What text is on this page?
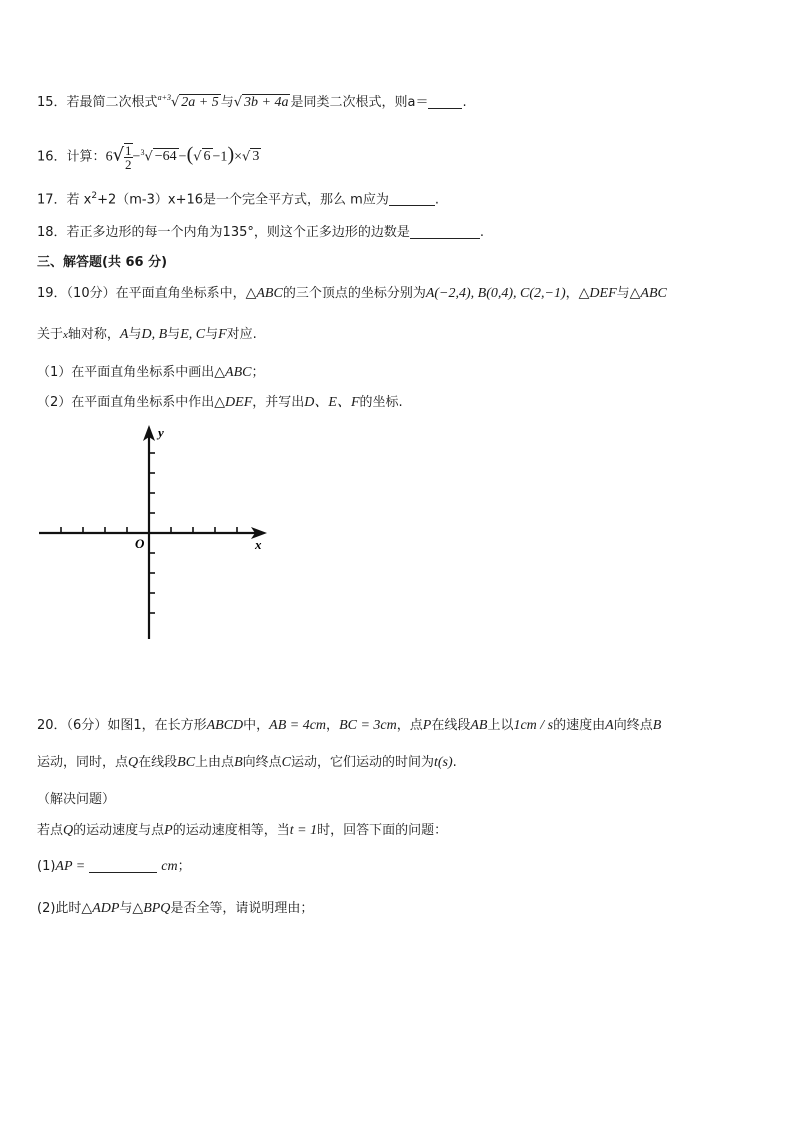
15．若最简二次根式$^{a+3}$√ 2a + 5 与√ 3b + 4a 是同类二次根式，则a＝	.
16．计算：$6√ \frac{1}{2} -^3√ -64$ −(√ 6 −1)×√ 3
17．若 $x^2+2(m-3)x+16$是一个完全平方式，那么 m应为	.
18．若正多边形的每一个内角为135°，则这个正多边形的边数是	.
三、解答题(共 66 分)
19．（10分）在平面直角坐标系中，△ABC的三个顶点的坐标分别为A(−2,4), B(0,4), C(2,−1)，△DEF与△ABC
关于x轴对称，A与D, B与E, C与F对应.
（1）在平面直角坐标系中画出△ABC；
（2）在平面直角坐标系中作出△DEF，并写出D、E、F的坐标.
x
y
O
20．（6分）如图1，在长方形ABCD中，AB = 4cm，BC = 3cm，点P在线段AB上以1cm / s的速度由A向终点B
运动，同时，点Q在线段BC上由点B向终点C运动，它们运动的时间为t(s).
（解决问题）
若点Q的运动速度与点P的运动速度相等，当t = 1时，回答下面的问题：
(1)AP =	cm；
(2)此时△ADP与△BPQ是否全等，请说明理由；
